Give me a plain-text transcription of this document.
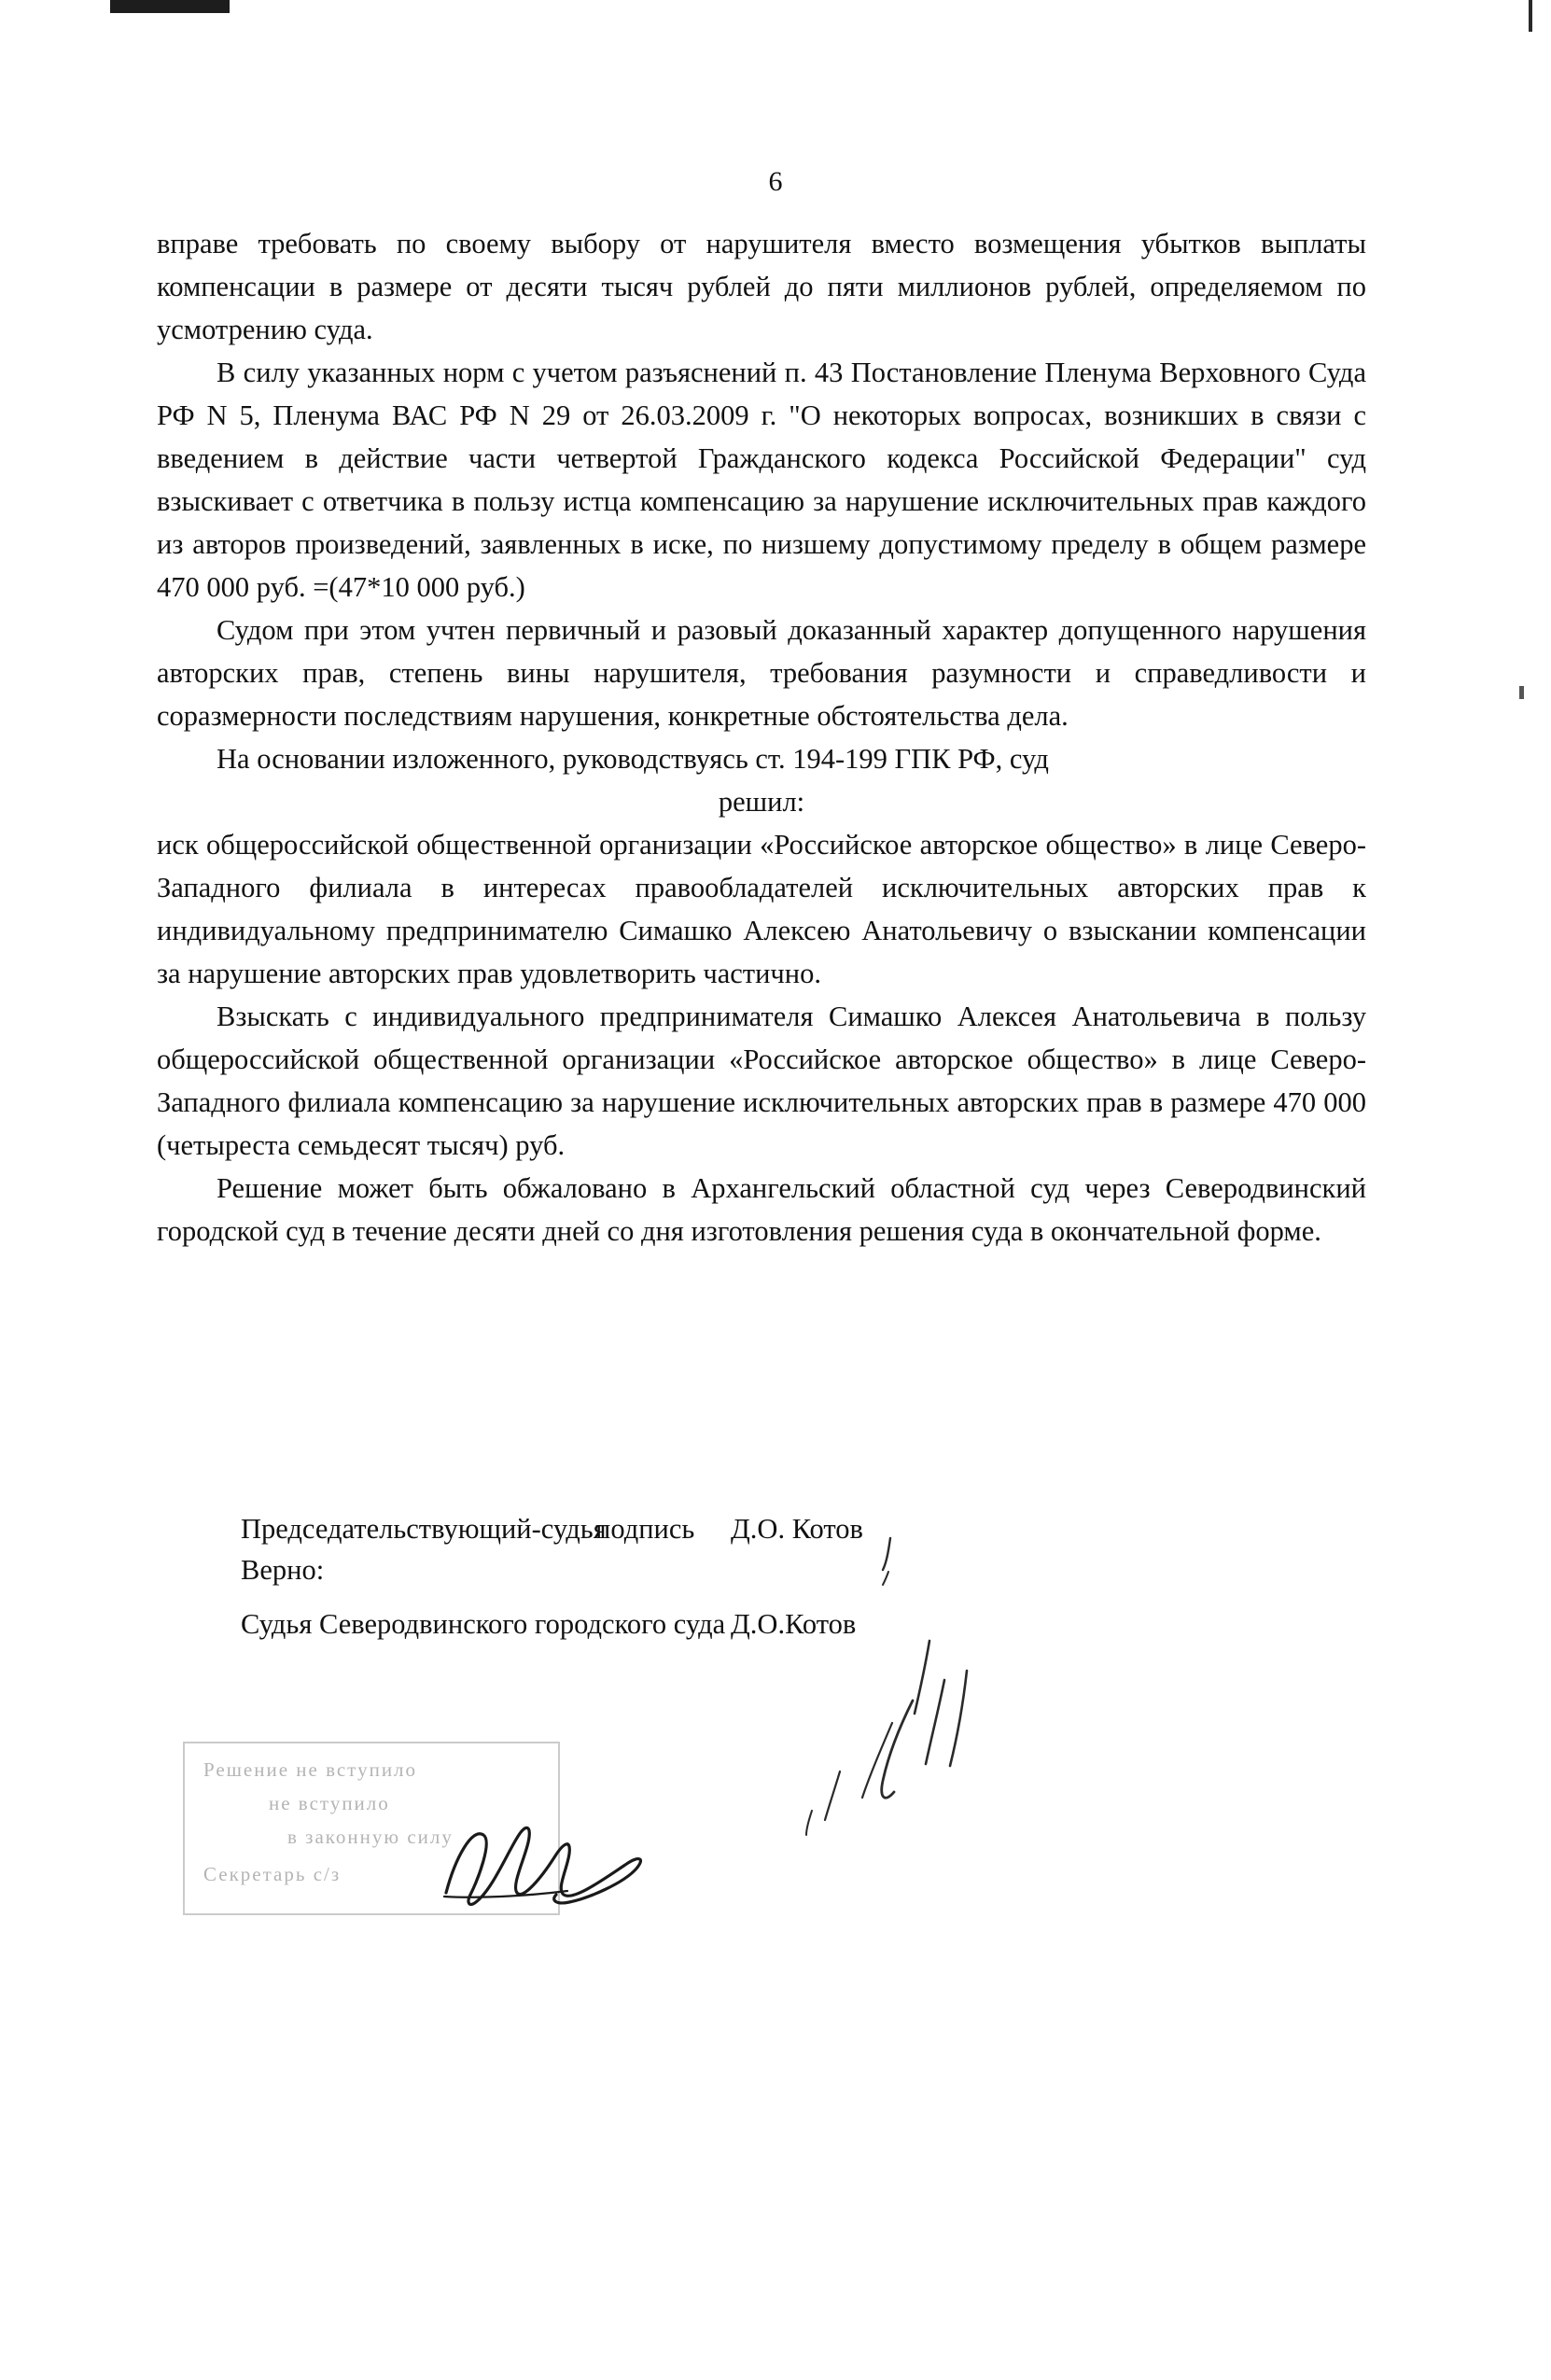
6

вправе требовать по своему выбору от нарушителя вместо возмещения убытков выплаты компенсации в размере от десяти тысяч рублей до пяти миллионов рублей, определяемом по усмотрению суда.

В силу указанных норм с учетом разъяснений п. 43 Постановление Пленума Верховного Суда РФ N 5, Пленума ВАС РФ N 29 от 26.03.2009 г. "О некоторых вопросах, возникших в связи с введением в действие части четвертой Гражданского кодекса Российской Федерации" суд взыскивает с ответчика в пользу истца компенсацию за нарушение исключительных прав каждого из авторов произведений, заявленных в иске, по низшему допустимому пределу в общем размере 470 000 руб. =(47*10 000 руб.)

Судом при этом учтен первичный и разовый доказанный характер допущенного нарушения авторских прав, степень вины нарушителя, требования разумности и справедливости и соразмерности последствиям нарушения, конкретные обстоятельства дела.

На основании изложенного, руководствуясь ст. 194-199 ГПК РФ, суд

решил:

иск общероссийской общественной организации «Российское авторское общество» в лице Северо-Западного филиала в интересах правообладателей исключительных авторских прав к индивидуальному предпринимателю Симашко Алексею Анатольевичу о взыскании компенсации за нарушение авторских прав удовлетворить частично.

Взыскать с индивидуального предпринимателя Симашко Алексея Анатольевича в пользу общероссийской общественной организации «Российское авторское общество» в лице Северо-Западного филиала компенсацию за нарушение исключительных авторских прав в размере 470 000 (четыреста семьдесят тысяч) руб.

Решение может быть обжаловано в Архангельский областной суд через Северодвинский городской суд в течение десяти дней со дня изготовления решения суда в окончательной форме.

Председательствующий-судья
подпись Д.О. Котов
Верно:
Судья Северодвинского городского суда Д.О.Котов
Решение не вступило
не вступило
в законную силу
Секретарь с/з
